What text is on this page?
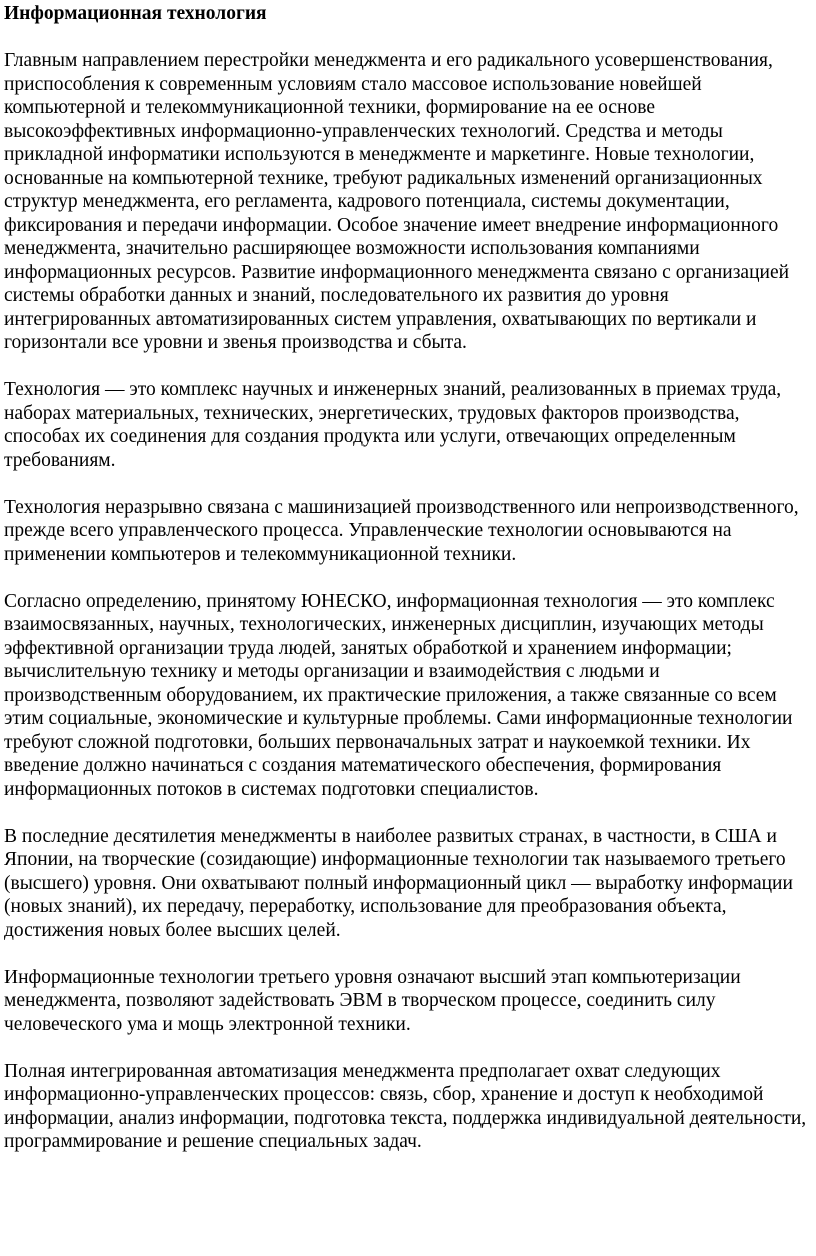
Информационная технология

Главным направлением перестройки менеджмента и его радикального усовершенствования, приспособления к современным условиям стало массовое использование новейшей компьютерной и телекоммуникационной техники, формирование на ее основе высокоэффективных информационно-управленческих технологий. Средства и методы прикладной информатики используются в менеджменте и маркетинге. Новые технологии, основанные на компьютерной технике, требуют радикальных изменений организационных структур менеджмента, его регламента, кадрового потенциала, системы документации, фиксирования и передачи информации. Особое значение имеет внедрение информационного менеджмента, значительно расширяющее возможности использования компаниями информационных ресурсов. Развитие информационного менеджмента связано с организацией системы обработки данных и знаний, последовательного их развития до уровня интегрированных автоматизированных систем управления, охватывающих по вертикали и горизонтали все уровни и звенья производства и сбыта.

Технология — это комплекс научных и инженерных знаний, реализованных в приемах труда, наборах материальных, технических, энергетических, трудовых факторов производства, способах их соединения для создания продукта или услуги, отвечающих определенным требованиям.

Технология неразрывно связана с машинизацией производственного или непроизводственного, прежде всего управленческого процесса. Управленческие технологии основываются на применении компьютеров и телекоммуникационной техники.

Согласно определению, принятому ЮНЕСКО, информационная технология — это комплекс взаимосвязанных, научных, технологических, инженерных дисциплин, изучающих методы эффективной организации труда людей, занятых обработкой и хранением информации; вычислительную технику и методы организации и взаимодействия с людьми и производственным оборудованием, их практические приложения, а также связанные со всем этим социальные, экономические и культурные проблемы. Сами информационные технологии требуют сложной подготовки, больших первоначальных затрат и наукоемкой техники. Их введение должно начинаться с создания математического обеспечения, формирования информационных потоков в системах подготовки специалистов.

В последние десятилетия менеджменты в наиболее развитых странах, в частности, в США и Японии, на творческие (созидающие) информационные технологии так называемого третьего (высшего) уровня. Они охватывают полный информационный цикл — выработку информации (новых знаний), их передачу, переработку, использование для преобразования объекта, достижения новых более высших целей.

Информационные технологии третьего уровня означают высший этап компьютеризации менеджмента, позволяют задействовать ЭВМ в творческом процессе, соединить силу человеческого ума и мощь электронной техники.

Полная интегрированная автоматизация менеджмента предполагает охват следующих информационно-управленческих процессов: связь, сбор, хранение и доступ к необходимой информации, анализ информации, подготовка текста, поддержка индивидуальной деятельности, программирование и решение специальных задач.
